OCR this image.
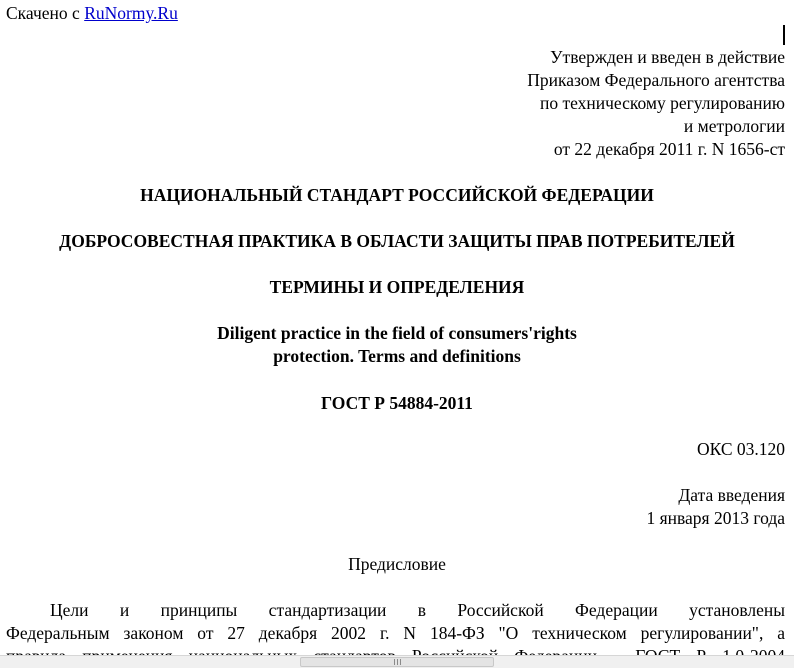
Скачено с RuNormy.Ru
Утвержден и введен в действие
Приказом Федерального агентства
по техническому регулированию
и метрологии
от 22 декабря 2011 г. N 1656-ст
НАЦИОНАЛЬНЫЙ СТАНДАРТ РОССИЙСКОЙ ФЕДЕРАЦИИ
ДОБРОСОВЕСТНАЯ ПРАКТИКА В ОБЛАСТИ ЗАЩИТЫ ПРАВ ПОТРЕБИТЕЛЕЙ
ТЕРМИНЫ И ОПРЕДЕЛЕНИЯ
Diligent practice in the field of consumers'rights
protection. Terms and definitions
ГОСТ Р 54884-2011
ОКС 03.120
Дата введения
1 января 2013 года
Предисловие
Цели и принципы стандартизации в Российской Федерации установлены
Федеральным законом от 27 декабря 2002 г. N 184-ФЗ "О техническом регулировании", а
